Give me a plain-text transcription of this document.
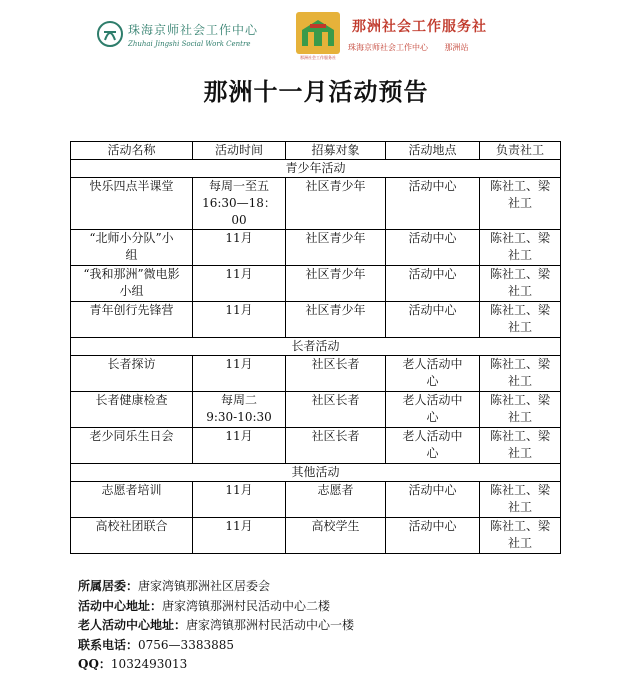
珠海京师社会工作中心
Zhuhai Jingshi Social Work Centre
那洲社会工作服务社
那洲社会工作服务社
珠海京师社会工作中心 那洲站
那洲十一月活动预告
活动名称	活动时间	招募对象	活动地点	负责社工
青少年活动				
快乐四点半课堂	每周一至五
16:30—18：00	社区青少年	活动中心	陈社工、梁
社工
“北师小分队”小
组	11月	社区青少年	活动中心	陈社工、梁
社工
“我和那洲”微电影
小组	11月	社区青少年	活动中心	陈社工、梁
社工
青年创行先锋营	11月	社区青少年	活动中心	陈社工、梁
社工
长者活动				
长者探访	11月	社区长者	老人活动中
心	陈社工、梁
社工
长者健康检查	每周二
9:30-10:30	社区长者	老人活动中
心	陈社工、梁
社工
老少同乐生日会	11月	社区长者	老人活动中
心	陈社工、梁
社工
其他活动				
志愿者培训	11月	志愿者	活动中心	陈社工、梁
社工
高校社团联合	11月	高校学生	活动中心	陈社工、梁
社工
所属居委：唐家湾镇那洲社区居委会
活动中心地址：唐家湾镇那洲村民活动中心二楼
老人活动中心地址：唐家湾镇那洲村民活动中心一楼
联系电话：0756—3383885
QQ：1032493013
